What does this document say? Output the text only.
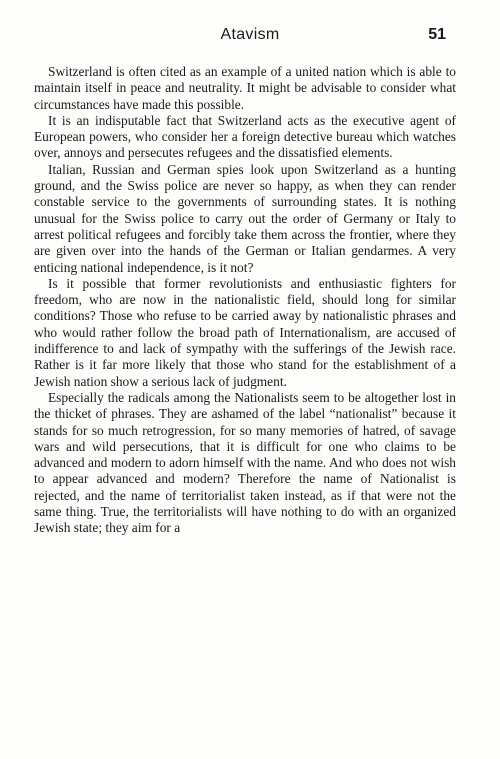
Atavism	51

Switzerland is often cited as an example of a united nation which is able to maintain itself in peace and neutrality. It might be advisable to consider what circumstances have made this possible.

It is an indisputable fact that Switzerland acts as the executive agent of European powers, who consider her a foreign detective bureau which watches over, annoys and persecutes refugees and the dissatisfied elements.

Italian, Russian and German spies look upon Switzerland as a hunting ground, and the Swiss police are never so happy, as when they can render constable service to the governments of surrounding states. It is nothing unusual for the Swiss police to carry out the order of Germany or Italy to arrest political refugees and forcibly take them across the frontier, where they are given over into the hands of the German or Italian gendarmes. A very enticing national independence, is it not?

Is it possible that former revolutionists and enthusiastic fighters for freedom, who are now in the nationalistic field, should long for similar conditions? Those who refuse to be carried away by nationalistic phrases and who would rather follow the broad path of Internationalism, are accused of indifference to and lack of sympathy with the sufferings of the Jewish race. Rather is it far more likely that those who stand for the establishment of a Jewish nation show a serious lack of judgment.

Especially the radicals among the Nationalists seem to be altogether lost in the thicket of phrases. They are ashamed of the label “nationalist” because it stands for so much retrogression, for so many memories of hatred, of savage wars and wild persecutions, that it is difficult for one who claims to be advanced and modern to adorn himself with the name. And who does not wish to appear advanced and modern? Therefore the name of Nationalist is rejected, and the name of territorialist taken instead, as if that were not the same thing. True, the territorialists will have nothing to do with an organized Jewish state; they aim for a
